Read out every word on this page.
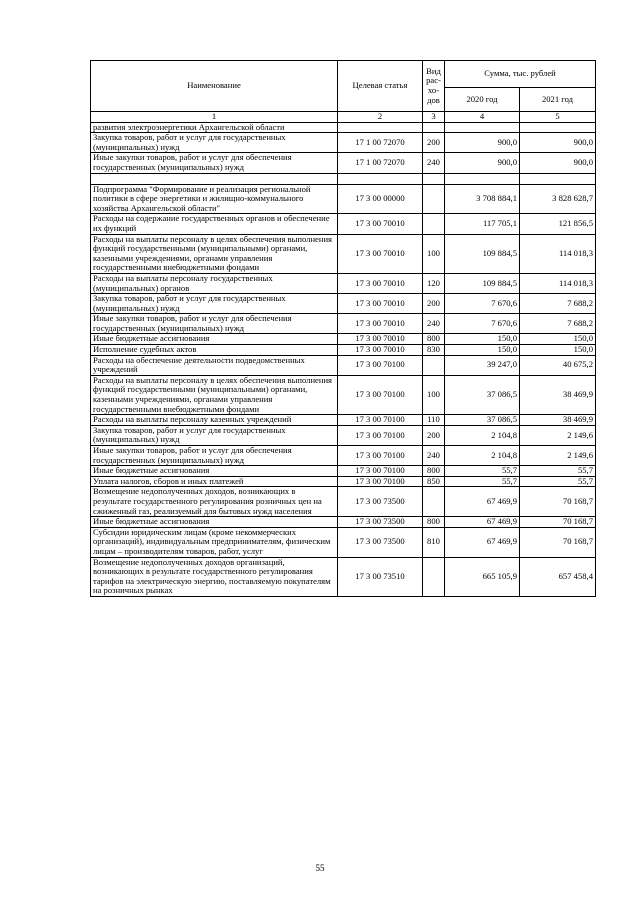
Наименование	Целевая статья	Вид рас-хо-дов	Сумма, тыс. рублей	
			2020 год	2021 год
1	2	3	4	5
развития электроэнергетики Архангельской области				
Закупка товаров, работ и услуг для государственных (муниципальных) нужд	17 1 00 72070	200	900,0	900,0
Иные закупки товаров, работ и услуг для обеспечения государственных (муниципальных) нужд	17 1 00 72070	240	900,0	900,0

Подпрограмма "Формирование и реализация региональной политики в сфере энергетики и жилищно-коммунального хозяйства Архангельской области"	17 3 00 00000		3 708 884,1	3 828 628,7
Расходы на содержание государственных органов и обеспечение их функций	17 3 00 70010		117 705,1	121 856,5
Расходы на выплаты персоналу в целях обеспечения выполнения функций государственными (муниципальными) органами, казенными учреждениями, органами управления государственными внебюджетными фондами	17 3 00 70010	100	109 884,5	114 018,3
Расходы на выплаты персоналу государственных (муниципальных) органов	17 3 00 70010	120	109 884,5	114 018,3
Закупка товаров, работ и услуг для государственных (муниципальных) нужд	17 3 00 70010	200	7 670,6	7 688,2
Иные закупки товаров, работ и услуг для обеспечения государственных (муниципальных) нужд	17 3 00 70010	240	7 670,6	7 688,2
Иные бюджетные ассигнования	17 3 00 70010	800	150,0	150,0
Исполнение судебных актов	17 3 00 70010	830	150,0	150,0
Расходы на обеспечение деятельности подведомственных учреждений	17 3 00 70100		39 247,0	40 675,2
Расходы на выплаты персоналу в целях обеспечения выполнения функций государственными (муниципальными) органами, казенными учреждениями, органами управления государственными внебюджетными фондами	17 3 00 70100	100	37 086,5	38 469,9
Расходы на выплаты персоналу казенных учреждений	17 3 00 70100	110	37 086,5	38 469,9
Закупка товаров, работ и услуг для государственных (муниципальных) нужд	17 3 00 70100	200	2 104,8	2 149,6
Иные закупки товаров, работ и услуг для обеспечения государственных (муниципальных) нужд	17 3 00 70100	240	2 104,8	2 149,6
Иные бюджетные ассигнования	17 3 00 70100	800	55,7	55,7
Уплата налогов, сборов и иных платежей	17 3 00 70100	850	55,7	55,7
Возмещение недополученных доходов, возникающих в результате государственного регулирования розничных цен на сжиженный газ, реализуемый для бытовых нужд населения	17 3 00 73500		67 469,9	70 168,7
Иные бюджетные ассигнования	17 3 00 73500	800	67 469,9	70 168,7
Субсидии юридическим лицам (кроме некоммерческих организаций), индивидуальным предпринимателям, физическим лицам – производителям товаров, работ, услуг	17 3 00 73500	810	67 469,9	70 168,7
Возмещение недополученных доходов организаций, возникающих в результате государственного регулирования тарифов на электрическую энергию, поставляемую покупателям на розничных рынках	17 3 00 73510		665 105,9	657 458,4
55
